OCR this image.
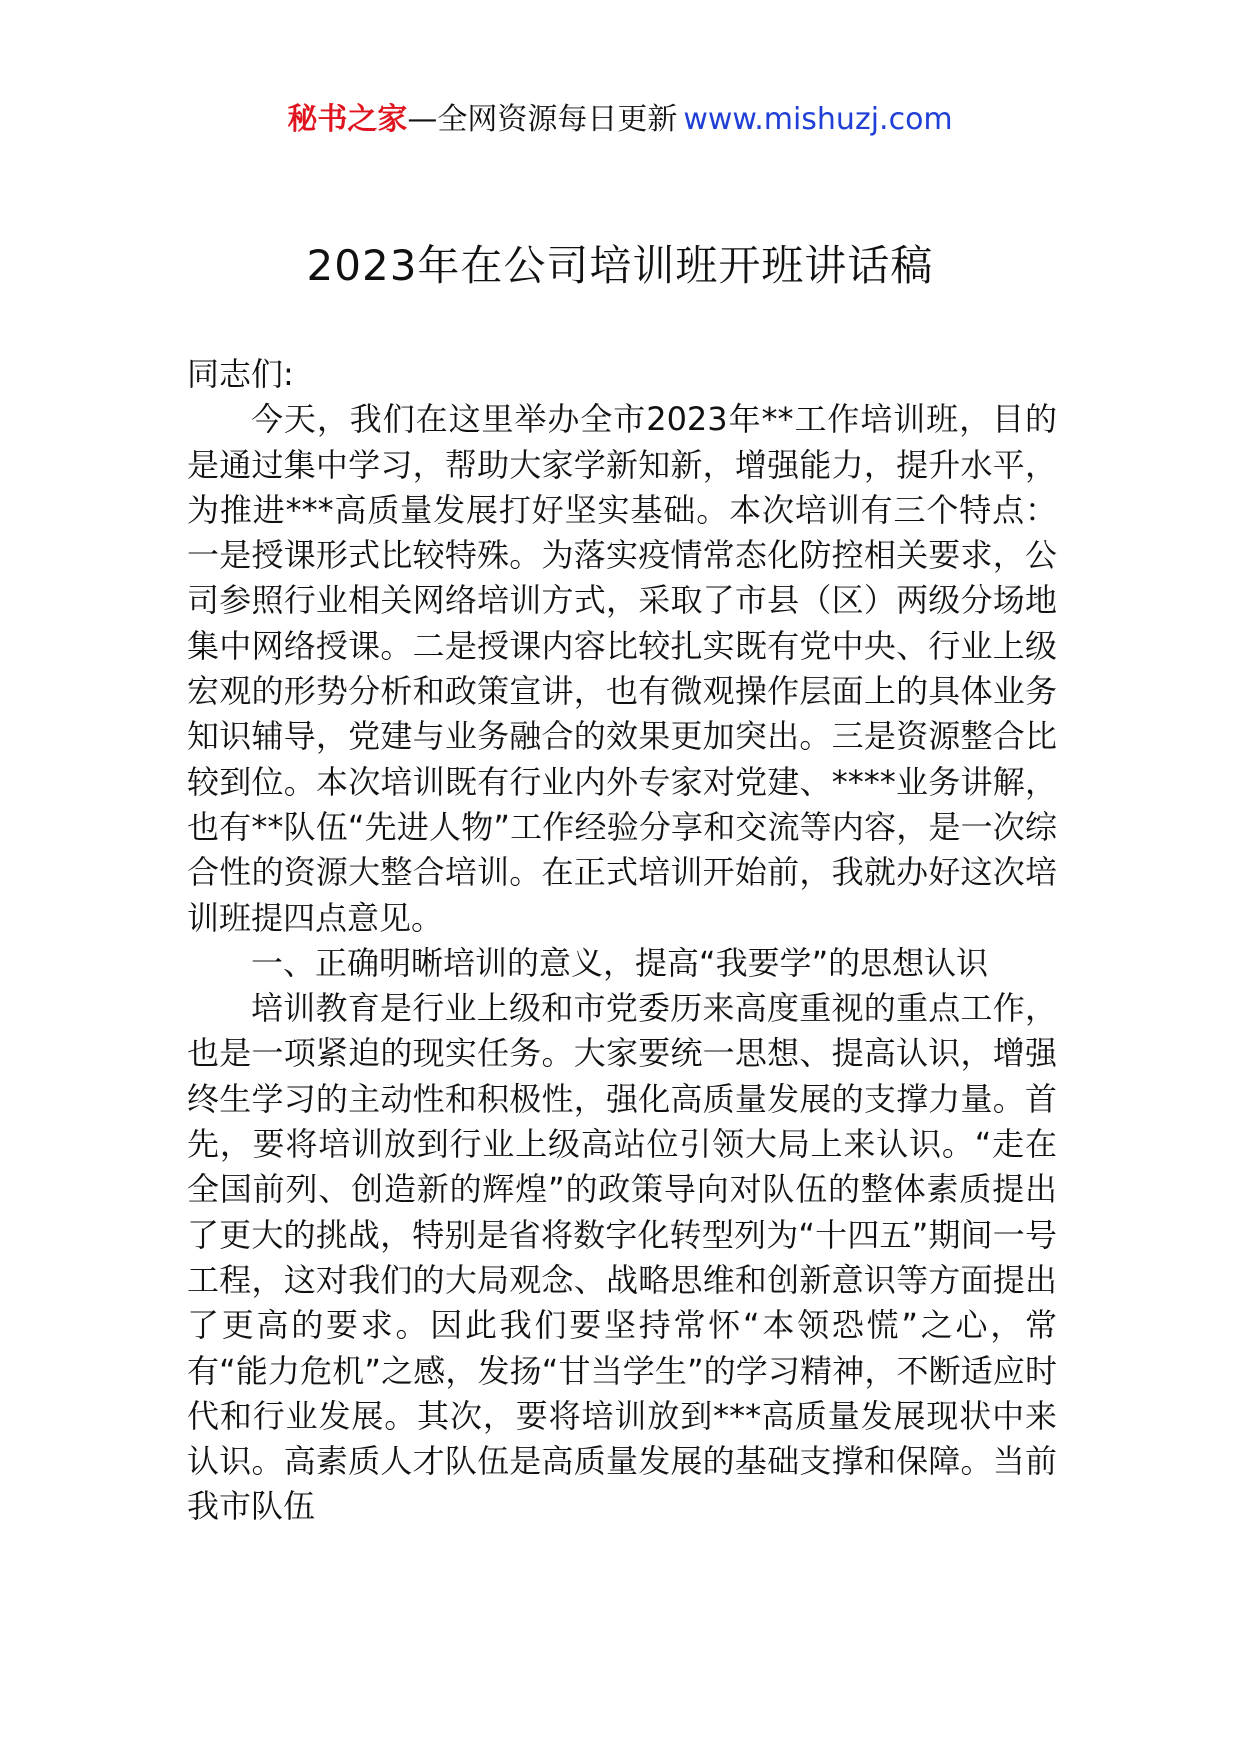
秘书之家—全网资源每日更新 www.mishuzj.com
2023年在公司培训班开班讲话稿

同志们:

今天，我们在这里举办全市2023年**工作培训班，目的是通过集中学习，帮助大家学新知新，增强能力，提升水平，为推进***高质量发展打好坚实基础。本次培训有三个特点：一是授课形式比较特殊。为落实疫情常态化防控相关要求，公司参照行业相关网络培训方式，采取了市县（区）两级分场地集中网络授课。二是授课内容比较扎实既有党中央、行业上级宏观的形势分析和政策宣讲，也有微观操作层面上的具体业务知识辅导，党建与业务融合的效果更加突出。三是资源整合比较到位。本次培训既有行业内外专家对党建、****业务讲解，也有**队伍“先进人物”工作经验分享和交流等内容，是一次综合性的资源大整合培训。在正式培训开始前，我就办好这次培训班提四点意见。

一、正确明晰培训的意义，提高“我要学”的思想认识

培训教育是行业上级和市党委历来高度重视的重点工作，也是一项紧迫的现实任务。大家要统一思想、提高认识，增强终生学习的主动性和积极性，强化高质量发展的支撑力量。首先，要将培训放到行业上级高站位引领大局上来认识。“走在全国前列、创造新的辉煌”的政策导向对队伍的整体素质提出了更大的挑战，特别是省将数字化转型列为“十四五”期间一号工程，这对我们的大局观念、战略思维和创新意识等方面提出了更高的要求。因此我们要坚持常怀“本领恐慌”之心，常有“能力危机”之感，发扬“甘当学生”的学习精神，不断适应时代和行业发展。其次，要将培训放到***高质量发展现状中来认识。高素质人才队伍是高质量发展的基础支撑和保障。当前我市队伍
